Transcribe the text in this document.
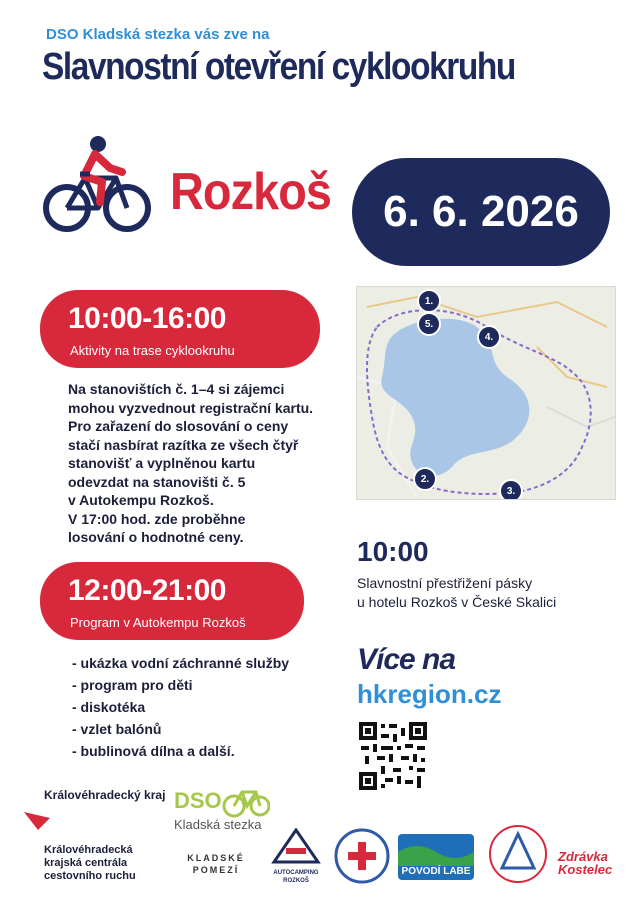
DSO Kladská stezka vás zve na
Slavnostní otevření cyklookruhu
Rozkoš 6. 6. 2026
10:00-16:00
Aktivity na trase cyklookruhu
Na stanovištích č. 1–4 si zájemci
mohou vyzvednout registrační kartu.
Pro zařazení do slosování o ceny
stačí nasbírat razítka ze všech čtyř
stanovišť a vyplněnou kartu
odevzdat na stanovišti č. 5
v Autokempu Rozkoš.
V 17:00 hod. zde proběhne
losování o hodnotné ceny.
12:00-21:00
Program v Autokempu Rozkoš
- ukázka vodní záchranné služby
- program pro děti
- diskotéka
- vzlet balónů
- bublinová dílna a další.
1.
2.
3.
4.
5.
10:00
Slavnostní přestřižení pásky
u hotelu Rozkoš v České Skalici
Více na
hkregion.cz
Královéhradecký kraj DSO
Kladská stezka
Královéhradecká
krajská centrála
cestovního ruchu
KLADSKÉ POMEZÍ	AUTOCAMPING ROZKOŠ
POVODÍ LABE
Zdrávka Kostelec
